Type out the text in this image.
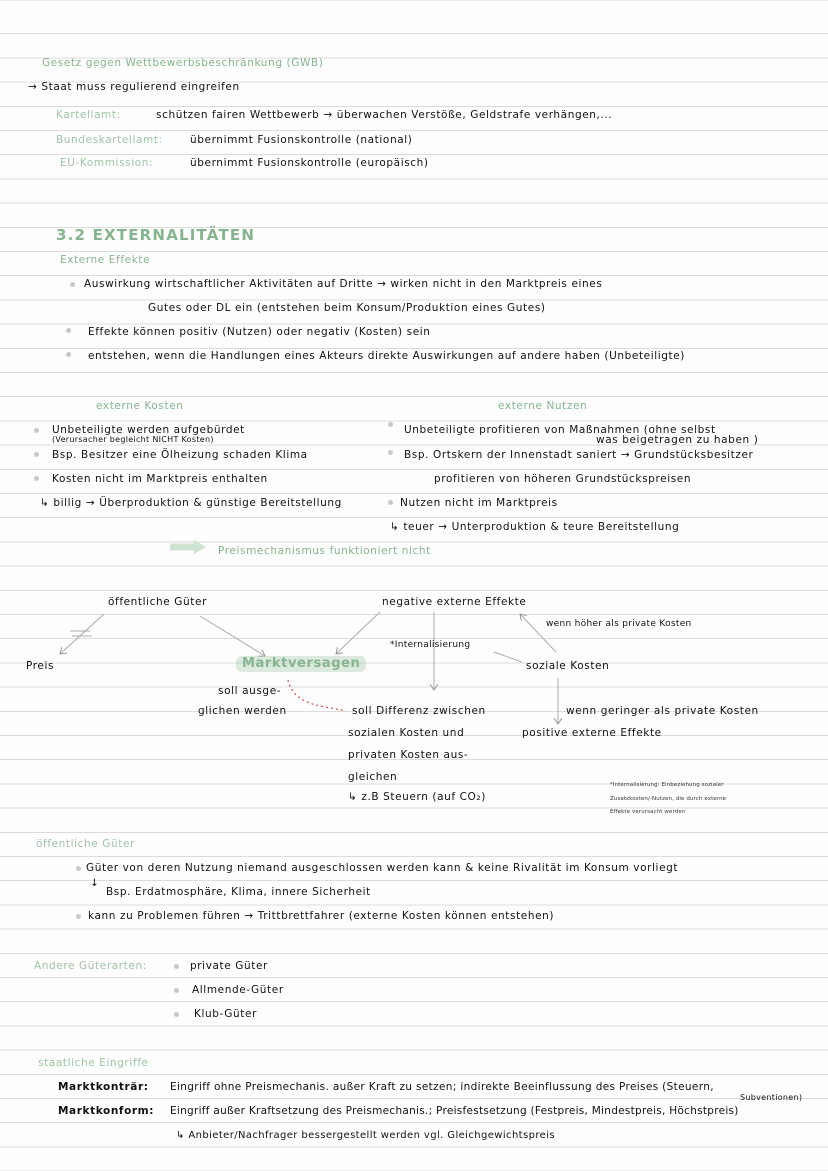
Gesetz gegen Wettbewerbsbeschränkung (GWB)
→ Staat muss regulierend eingreifen
Kartellamt:	schützen fairen Wettbewerb → überwachen Verstöße, Geldstrafe verhängen,...
Bundeskartellamt:	übernimmt Fusionskontrolle (national)
EU-Kommission:	übernimmt Fusionskontrolle (europäisch)
3.2 EXTERNALITÄTEN
Externe Effekte
Auswirkung wirtschaftlicher Aktivitäten auf Dritte → wirken nicht in den Marktpreis eines
Gutes oder DL ein (entstehen beim Konsum/Produktion eines Gutes)
Effekte können positiv (Nutzen) oder negativ (Kosten) sein
entstehen, wenn die Handlungen eines Akteurs direkte Auswirkungen auf andere haben (Unbeteiligte)
externe Kosten
Unbeteiligte werden aufgebürdet
(Verursacher begleicht NICHT Kosten)
Bsp. Besitzer eine Ölheizung schaden Klima
Kosten nicht im Marktpreis enthalten
↳ billig → Überproduktion & günstige Bereitstellung
externe Nutzen
Unbeteiligte profitieren von Maßnahmen (ohne selbst
was beigetragen zu haben )
Bsp. Ortskern der Innenstadt saniert → Grundstücksbesitzer
profitieren von höheren Grundstückspreisen
Nutzen nicht im Marktpreis
↳ teuer → Unterproduktion & teure Bereitstellung
Preismechanismus funktioniert nicht
öffentliche Güter	negative externe Effekte
wenn höher als private Kosten
*Internalisierung
Preis	Marktversagen	soziale Kosten
soll ausge-
glichen werden	soll Differenz zwischen	wenn geringer als private Kosten
sozialen Kosten und	positive externe Effekte
privaten Kosten aus-
gleichen
↳ z.B Steuern (auf CO₂)
*Internalisierung: Einbeziehung sozialer
Zusatzkosten/-Nutzen, die durch externe
Effekte verursacht werden
öffentliche Güter
Güter von deren Nutzung niemand ausgeschlossen werden kann & keine Rivalität im Konsum vorliegt
↓
Bsp. Erdatmosphäre, Klima, innere Sicherheit
kann zu Problemen führen → Trittbrettfahrer (externe Kosten können entstehen)
Andere Güterarten:	private Güter
Allmende-Güter
Klub-Güter
staatliche Eingriffe
Marktkonträr: Eingriff ohne Preismechanis. außer Kraft zu setzen; indirekte Beeinflussung des Preises (Steuern,
Subventionen)
Marktkonform: Eingriff außer Kraftsetzung des Preismechanis.; Preisfestsetzung (Festpreis, Mindestpreis, Höchstpreis)
↳ Anbieter/Nachfrager bessergestellt werden vgl. Gleichgewichtspreis
